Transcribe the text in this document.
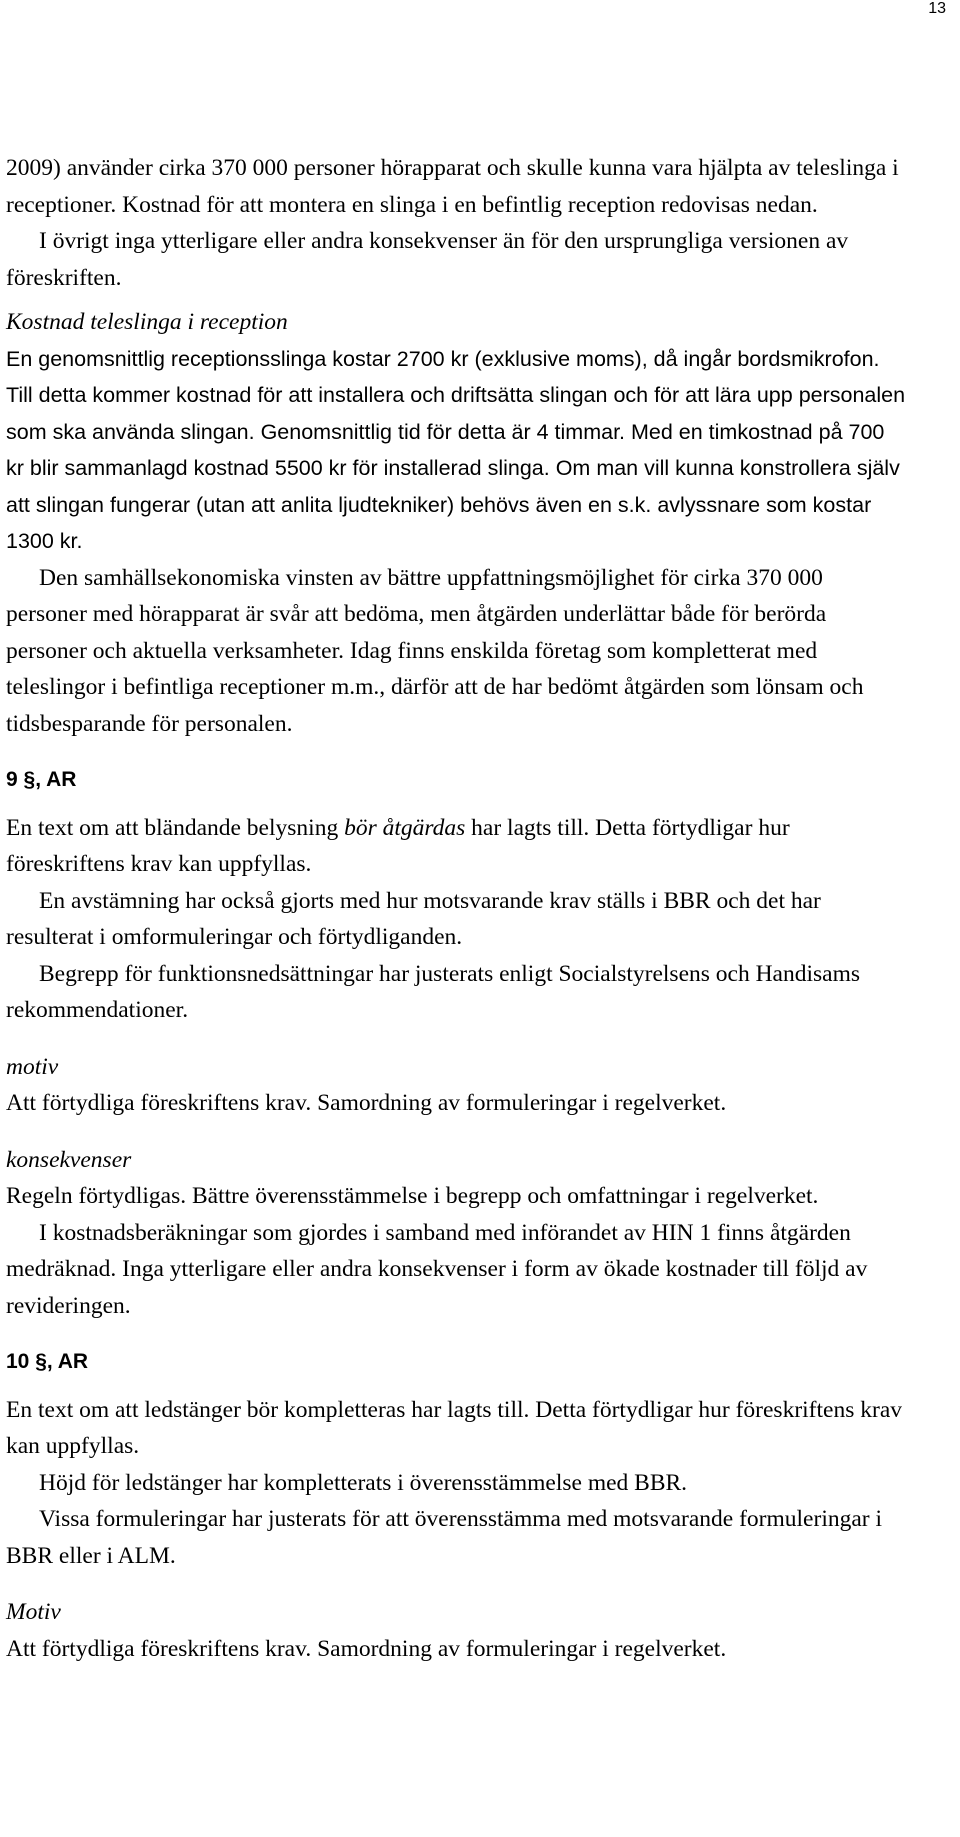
13

2009) använder cirka 370 000 personer hörapparat och skulle kunna vara hjälpta av teleslinga i receptioner. Kostnad för att montera en slinga i en befintlig reception redovisas nedan.

I övrigt inga ytterligare eller andra konsekvenser än för den ursprungliga versionen av föreskriften.

Kostnad teleslinga i reception

En genomsnittlig receptionsslinga kostar 2700 kr (exklusive moms), då ingår bordsmikrofon. Till detta kommer kostnad för att installera och driftsätta slingan och för att lära upp personalen som ska använda slingan. Genomsnittlig tid för detta är 4 timmar. Med en timkostnad på 700 kr blir sammanlagd kostnad 5500 kr för installerad slinga. Om man vill kunna konstrollera själv att slingan fungerar (utan att anlita ljudtekniker) behövs även en s.k. avlyssnare som kostar 1300 kr.

Den samhällsekonomiska vinsten av bättre uppfattningsmöjlighet för cirka 370 000 personer med hörapparat är svår att bedöma, men åtgärden underlättar både för berörda personer och aktuella verksamheter. Idag finns enskilda företag som kompletterat med teleslingor i befintliga receptioner m.m., därför att de har bedömt åtgärden som lönsam och tidsbesparande för personalen.

9 §, AR

En text om att bländande belysning bör åtgärdas har lagts till. Detta förtydligar hur föreskriftens krav kan uppfyllas.

En avstämning har också gjorts med hur motsvarande krav ställs i BBR och det har resulterat i omformuleringar och förtydliganden.

Begrepp för funktionsnedsättningar har justerats enligt Socialstyrelsens och Handisams rekommendationer.

motiv

Att förtydliga föreskriftens krav. Samordning av formuleringar i regelverket.

konsekvenser

Regeln förtydligas. Bättre överensstämmelse i begrepp och omfattningar i regelverket.

I kostnadsberäkningar som gjordes i samband med införandet av HIN 1 finns åtgärden medräknad. Inga ytterligare eller andra konsekvenser i form av ökade kostnader till följd av revideringen.

10 §, AR

En text om att ledstänger bör kompletteras har lagts till. Detta förtydligar hur föreskriftens krav kan uppfyllas.

Höjd för ledstänger har kompletterats i överensstämmelse med BBR.

Vissa formuleringar har justerats för att överensstämma med motsvarande formuleringar i BBR eller i ALM.

Motiv

Att förtydliga föreskriftens krav. Samordning av formuleringar i regelverket.
